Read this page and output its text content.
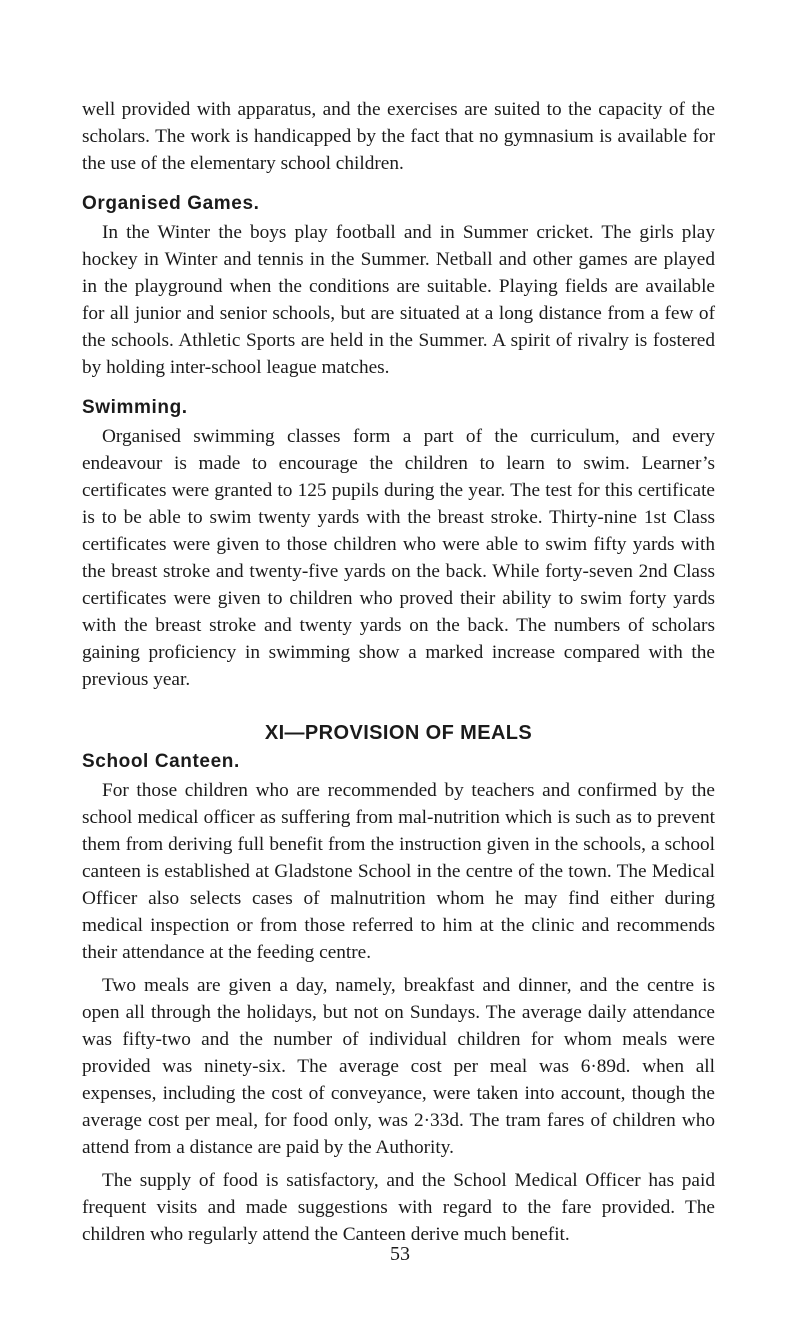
well provided with apparatus, and the exercises are suited to the capacity of the scholars. The work is handicapped by the fact that no gymnasium is available for the use of the elementary school children.

Organised Games.

In the Winter the boys play football and in Summer cricket. The girls play hockey in Winter and tennis in the Summer. Netball and other games are played in the playground when the conditions are suitable. Playing fields are available for all junior and senior schools, but are situated at a long distance from a few of the schools. Athletic Sports are held in the Summer. A spirit of rivalry is fostered by holding inter-school league matches.

Swimming.

Organised swimming classes form a part of the curriculum, and every endeavour is made to encourage the children to learn to swim. Learner’s certificates were granted to 125 pupils during the year. The test for this certificate is to be able to swim twenty yards with the breast stroke. Thirty-nine 1st Class certificates were given to those children who were able to swim fifty yards with the breast stroke and twenty-five yards on the back. While forty-seven 2nd Class certificates were given to children who proved their ability to swim forty yards with the breast stroke and twenty yards on the back. The numbers of scholars gaining proficiency in swimming show a marked increase compared with the previous year.

XI—PROVISION OF MEALS
School Canteen.

For those children who are recommended by teachers and confirmed by the school medical officer as suffering from mal-nutrition which is such as to prevent them from deriving full benefit from the instruction given in the schools, a school canteen is established at Gladstone School in the centre of the town. The Medical Officer also selects cases of malnutrition whom he may find either during medical inspection or from those referred to him at the clinic and recommends their attendance at the feeding centre.

Two meals are given a day, namely, breakfast and dinner, and the centre is open all through the holidays, but not on Sundays. The average daily attendance was fifty-two and the number of individual children for whom meals were provided was ninety-six. The average cost per meal was 6·89d. when all expenses, including the cost of conveyance, were taken into account, though the average cost per meal, for food only, was 2·33d. The tram fares of children who attend from a distance are paid by the Authority.

The supply of food is satisfactory, and the School Medical Officer has paid frequent visits and made suggestions with regard to the fare provided. The children who regularly attend the Canteen derive much benefit.

53
